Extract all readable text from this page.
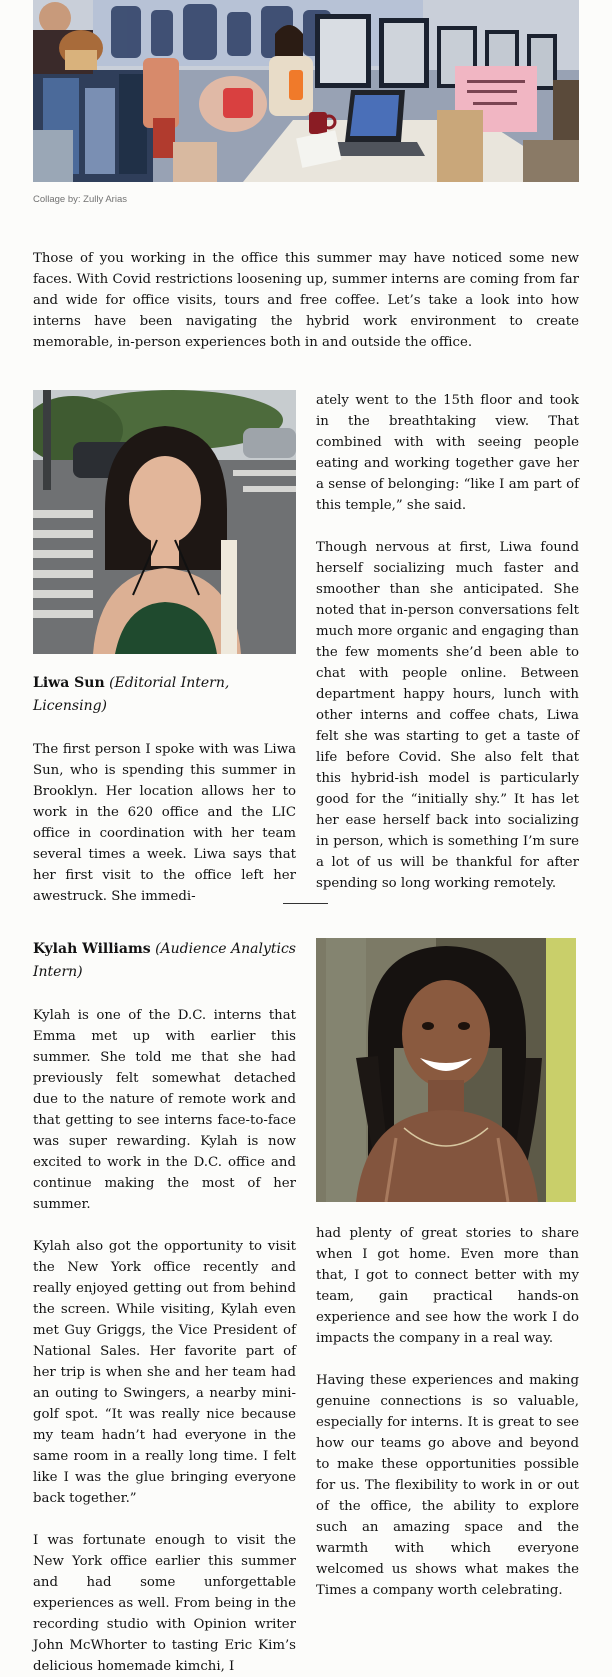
Collage by: Zully Arias

Those of you working in the office this summer may have noticed some new faces. With Covid restrictions loosening up, summer interns are coming from far and wide for office visits, tours and free coffee. Let’s take a look into how interns have been navigating the hybrid work environment to create memorable, in-person experiences both in and outside the office.

Liwa Sun (Editorial Intern, Licensing)

The first person I spoke with was Liwa Sun, who is spending this summer in Brooklyn. Her location allows her to work in the 620 office and the LIC office in coordination with her team several times a week. Liwa says that her first visit to the office left her awestruck. She immedi-

ately went to the 15th floor and took in the breathtaking view. That combined with with seeing people eating and working together gave her a sense of belonging: “like I am part of this temple,” she said.

Though nervous at first, Liwa found herself socializing much faster and smoother than she anticipated. She noted that in-person conversations felt much more organic and engaging than the few moments she’d been able to chat with people online. Between department happy hours, lunch with other interns and coffee chats, Liwa felt she was starting to get a taste of life before Covid. She also felt that this hybrid-ish model is particularly good for the “initially shy.” It has let her ease herself back into socializing in person, which is something I’m sure a lot of us will be thankful for after spending so long working remotely.

Kylah Williams (Audience Analytics Intern)

Kylah is one of the D.C. interns that Emma met up with earlier this summer. She told me that she had previously felt somewhat detached due to the nature of remote work and that getting to see interns face-to-face was super rewarding. Kylah is now excited to work in the D.C. office and continue making the most of her summer.

Kylah also got the opportunity to visit the New York office recently and really enjoyed getting out from behind the screen. While visiting, Kylah even met Guy Griggs, the Vice President of National Sales. Her favorite part of her trip is when she and her team had an outing to Swingers, a nearby mini-golf spot. “It was really nice because my team hadn’t had everyone in the same room in a really long time. I felt like I was the glue bringing everyone back together.”

I was fortunate enough to visit the New York office earlier this summer and had some unforgettable experiences as well. From being in the recording studio with Opinion writer John McWhorter to tasting Eric Kim’s delicious homemade kimchi, I

had plenty of great stories to share when I got home. Even more than that, I got to connect better with my team, gain practical hands-on experience and see how the work I do impacts the company in a real way.

Having these experiences and making genuine connections is so valuable, especially for interns. It is great to see how our teams go above and beyond to make these opportunities possible for us. The flexibility to work in or out of the office, the ability to explore such an amazing space and the warmth with which everyone welcomed us shows what makes the Times a company worth celebrating.
